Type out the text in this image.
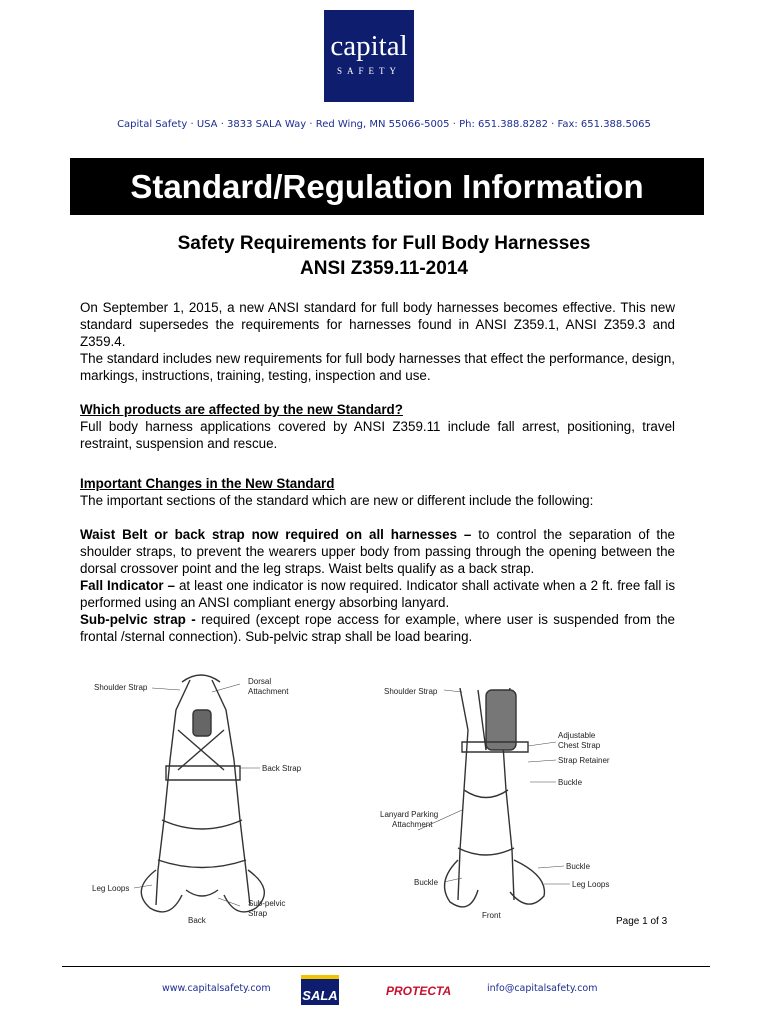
capital
SAFETY
Capital Safety · USA · 3833 SALA Way · Red Wing, MN 55066-5005 · Ph: 651.388.8282 · Fax: 651.388.5065
Standard/Regulation Information
Safety Requirements for Full Body Harnesses
ANSI Z359.11-2014

On September 1, 2015, a new ANSI standard for full body harnesses becomes effective. This new standard supersedes the requirements for harnesses found in ANSI Z359.1, ANSI Z359.3 and Z359.4.

The standard includes new requirements for full body harnesses that effect the performance, design, markings, instructions, training, testing, inspection and use.

Which products are affected by the new Standard?

Full body harness applications covered by ANSI Z359.11 include fall arrest, positioning, travel restraint, suspension and rescue.

Important Changes in the New Standard

The important sections of the standard which are new or different include the following:

Waist Belt or back strap now required on all harnesses – to control the separation of the shoulder straps, to prevent the wearers upper body from passing through the opening between the dorsal crossover point and the leg straps. Waist belts qualify as a back strap.

Fall Indicator – at least one indicator is now required. Indicator shall activate when a 2 ft. free fall is performed using an ANSI compliant energy absorbing lanyard.

Sub-pelvic strap - required (except rope access for example, where user is suspended from the frontal /sternal connection). Sub-pelvic strap shall be load bearing.

Shoulder Strap
Dorsal
Attachment
Back Strap
Leg Loops
Sub-pelvic
Strap
Back
Shoulder Strap
Adjustable
Chest Strap
Strap Retainer
Buckle
Lanyard Parking
Attachment
Buckle
Buckle
Leg Loops
Front
Page 1 of 3
www.capitalsafety.com SALA	PROTECTA	info@capitalsafety.com
